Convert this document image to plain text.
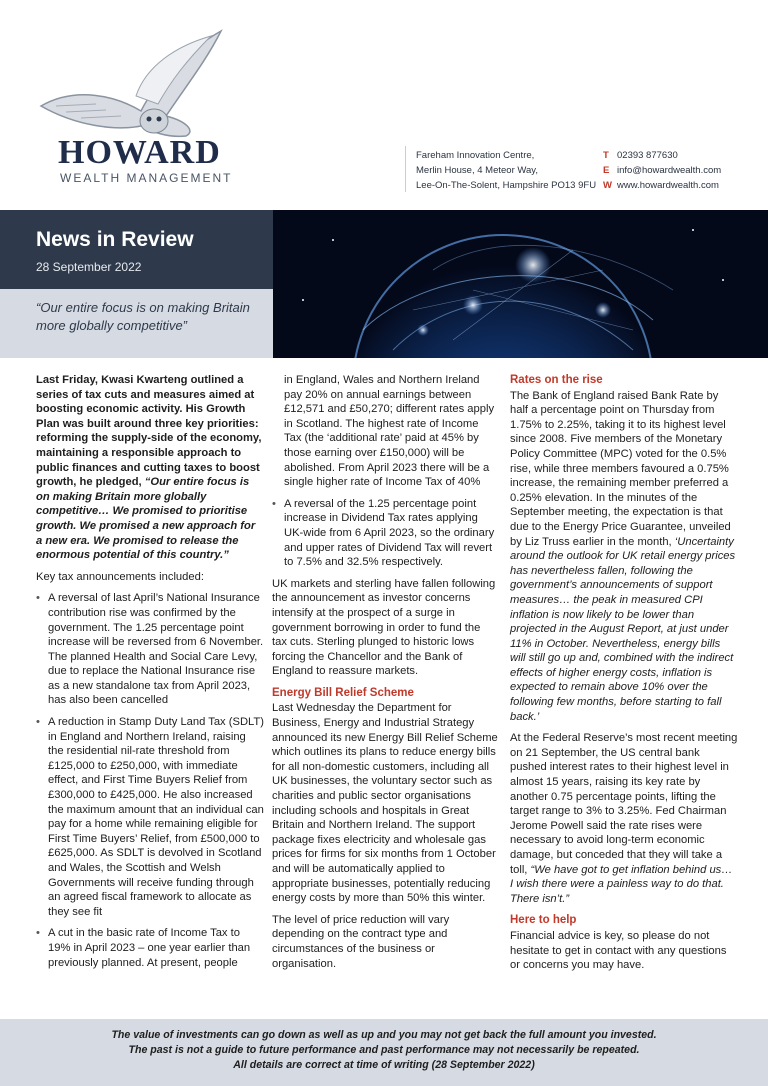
HOWARD
WEALTH MANAGEMENT
Fareham Innovation Centre,
Merlin House, 4 Meteor Way,
Lee-On-The-Solent, Hampshire PO13 9FU
T 02393 877630
E info@howardwealth.com
W www.howardwealth.com
News in Review
28 September 2022
“Our entire focus is on making Britain more globally competitive”

Last Friday, Kwasi Kwarteng outlined a series of tax cuts and measures aimed at boosting economic activity. His Growth Plan was built around three key priorities: reforming the supply-side of the economy, maintaining a responsible approach to public finances and cutting taxes to boost growth, he pledged, “Our entire focus is on making Britain more globally competitive… We promised to prioritise growth. We promised a new approach for a new era. We promised to release the enormous potential of this country.”

Key tax announcements included:

• A reversal of last April’s National Insurance contribution rise was confirmed by the government. The 1.25 percentage point increase will be reversed from 6 November. The planned Health and Social Care Levy, due to replace the National Insurance rise as a new standalone tax from April 2023, has also been cancelled
• A reduction in Stamp Duty Land Tax (SDLT) in England and Northern Ireland, raising the residential nil-rate threshold from £125,000 to £250,000, with immediate effect, and First Time Buyers Relief from £300,000 to £425,000. He also increased the maximum amount that an individual can pay for a home while remaining eligible for First Time Buyers’ Relief, from £500,000 to £625,000. As SDLT is devolved in Scotland and Wales, the Scottish and Welsh Governments will receive funding through an agreed fiscal framework to allocate as they see fit
• A cut in the basic rate of Income Tax to 19% in April 2023 – one year earlier than previously planned. At present, people

in England, Wales and Northern Ireland pay 20% on annual earnings between £12,571 and £50,270; different rates apply in Scotland. The highest rate of Income Tax (the ‘additional rate’ paid at 45% by those earning over £150,000) will be abolished. From April 2023 there will be a single higher rate of Income Tax of 40%

• A reversal of the 1.25 percentage point increase in Dividend Tax rates applying UK-wide from 6 April 2023, so the ordinary and upper rates of Dividend Tax will revert to 7.5% and 32.5% respectively.

UK markets and sterling have fallen following the announcement as investor concerns intensify at the prospect of a surge in government borrowing in order to fund the tax cuts. Sterling plunged to historic lows forcing the Chancellor and the Bank of England to reassure markets.

Energy Bill Relief Scheme

Last Wednesday the Department for Business, Energy and Industrial Strategy announced its new Energy Bill Relief Scheme which outlines its plans to reduce energy bills for all non-domestic customers, including all UK businesses, the voluntary sector such as charities and public sector organisations including schools and hospitals in Great Britain and Northern Ireland. The support package fixes electricity and wholesale gas prices for firms for six months from 1 October and will be automatically applied to appropriate businesses, potentially reducing energy costs by more than 50% this winter.

The level of price reduction will vary depending on the contract type and circumstances of the business or organisation.

Rates on the rise

The Bank of England raised Bank Rate by half a percentage point on Thursday from 1.75% to 2.25%, taking it to its highest level since 2008. Five members of the Monetary Policy Committee (MPC) voted for the 0.5% rise, while three members favoured a 0.75% increase, the remaining member preferred a 0.25% elevation. In the minutes of the September meeting, the expectation is that due to the Energy Price Guarantee, unveiled by Liz Truss earlier in the month, ‘Uncertainty around the outlook for UK retail energy prices has nevertheless fallen, following the government’s announcements of support measures… the peak in measured CPI inflation is now likely to be lower than projected in the August Report, at just under 11% in October. Nevertheless, energy bills will still go up and, combined with the indirect effects of higher energy costs, inflation is expected to remain above 10% over the following few months, before starting to fall back.’

At the Federal Reserve’s most recent meeting on 21 September, the US central bank pushed interest rates to their highest level in almost 15 years, raising its key rate by another 0.75 percentage points, lifting the target range to 3% to 3.25%. Fed Chairman Jerome Powell said the rate rises were necessary to avoid long-term economic damage, but conceded that they will take a toll, “We have got to get inflation behind us… I wish there were a painless way to do that. There isn’t.”

Here to help

Financial advice is key, so please do not hesitate to get in contact with any questions or concerns you may have.

The value of investments can go down as well as up and you may not get back the full amount you invested.
The past is not a guide to future performance and past performance may not necessarily be repeated.
All details are correct at time of writing (28 September 2022)
